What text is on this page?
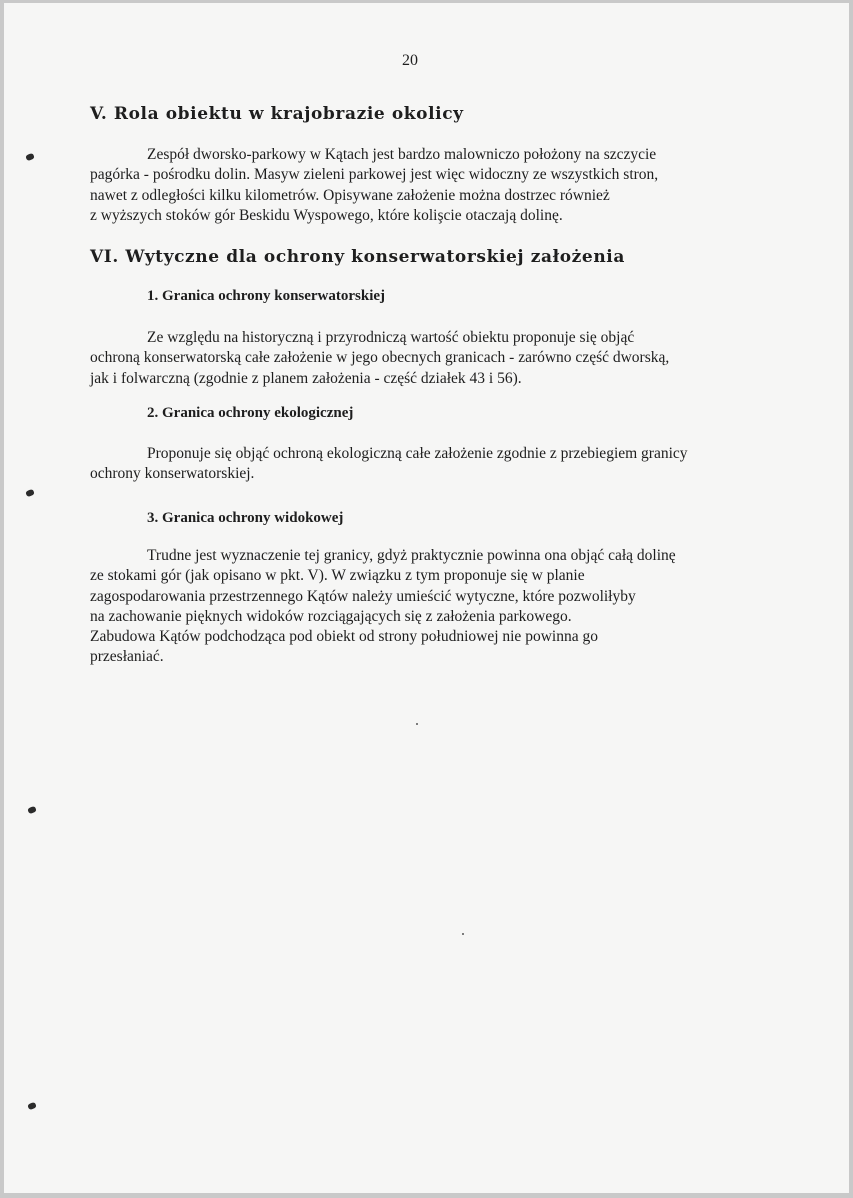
20
V. Rola obiektu w krajobrazie okolicy
Zespół dworsko-parkowy w Kątach jest bardzo malowniczo położony na szczycie
pagórka - pośrodku dolin. Masyw zieleni parkowej jest więc widoczny ze wszystkich stron,
nawet z odległości kilku kilometrów. Opisywane założenie można dostrzec również
z wyższych stoków gór Beskidu Wyspowego, które kolişcie otaczają dolinę.
VI. Wytyczne dla ochrony konserwatorskiej założenia
1. Granica ochrony konserwatorskiej
Ze względu na historyczną i przyrodniczą wartość obiektu proponuje się objąć
ochroną konserwatorską całe założenie w jego obecnych granicach - zarówno część dworską,
jak i folwarczną (zgodnie z planem założenia - część działek 43 i 56).
2. Granica ochrony ekologicznej
Proponuje się objąć ochroną ekologiczną całe założenie zgodnie z przebiegiem granicy
ochrony konserwatorskiej.
3. Granica ochrony widokowej
Trudne jest wyznaczenie tej granicy, gdyż praktycznie powinna ona objąć całą dolinę
ze stokami gór (jak opisano w pkt. V). W związku z tym proponuje się w planie
zagospodarowania przestrzennego Kątów należy umieścić wytyczne, które pozwoliłyby
na zachowanie pięknych widoków rozciągających się z założenia parkowego.
Zabudowa Kątów podchodząca pod obiekt od strony południowej nie powinna go
przesłaniać.
